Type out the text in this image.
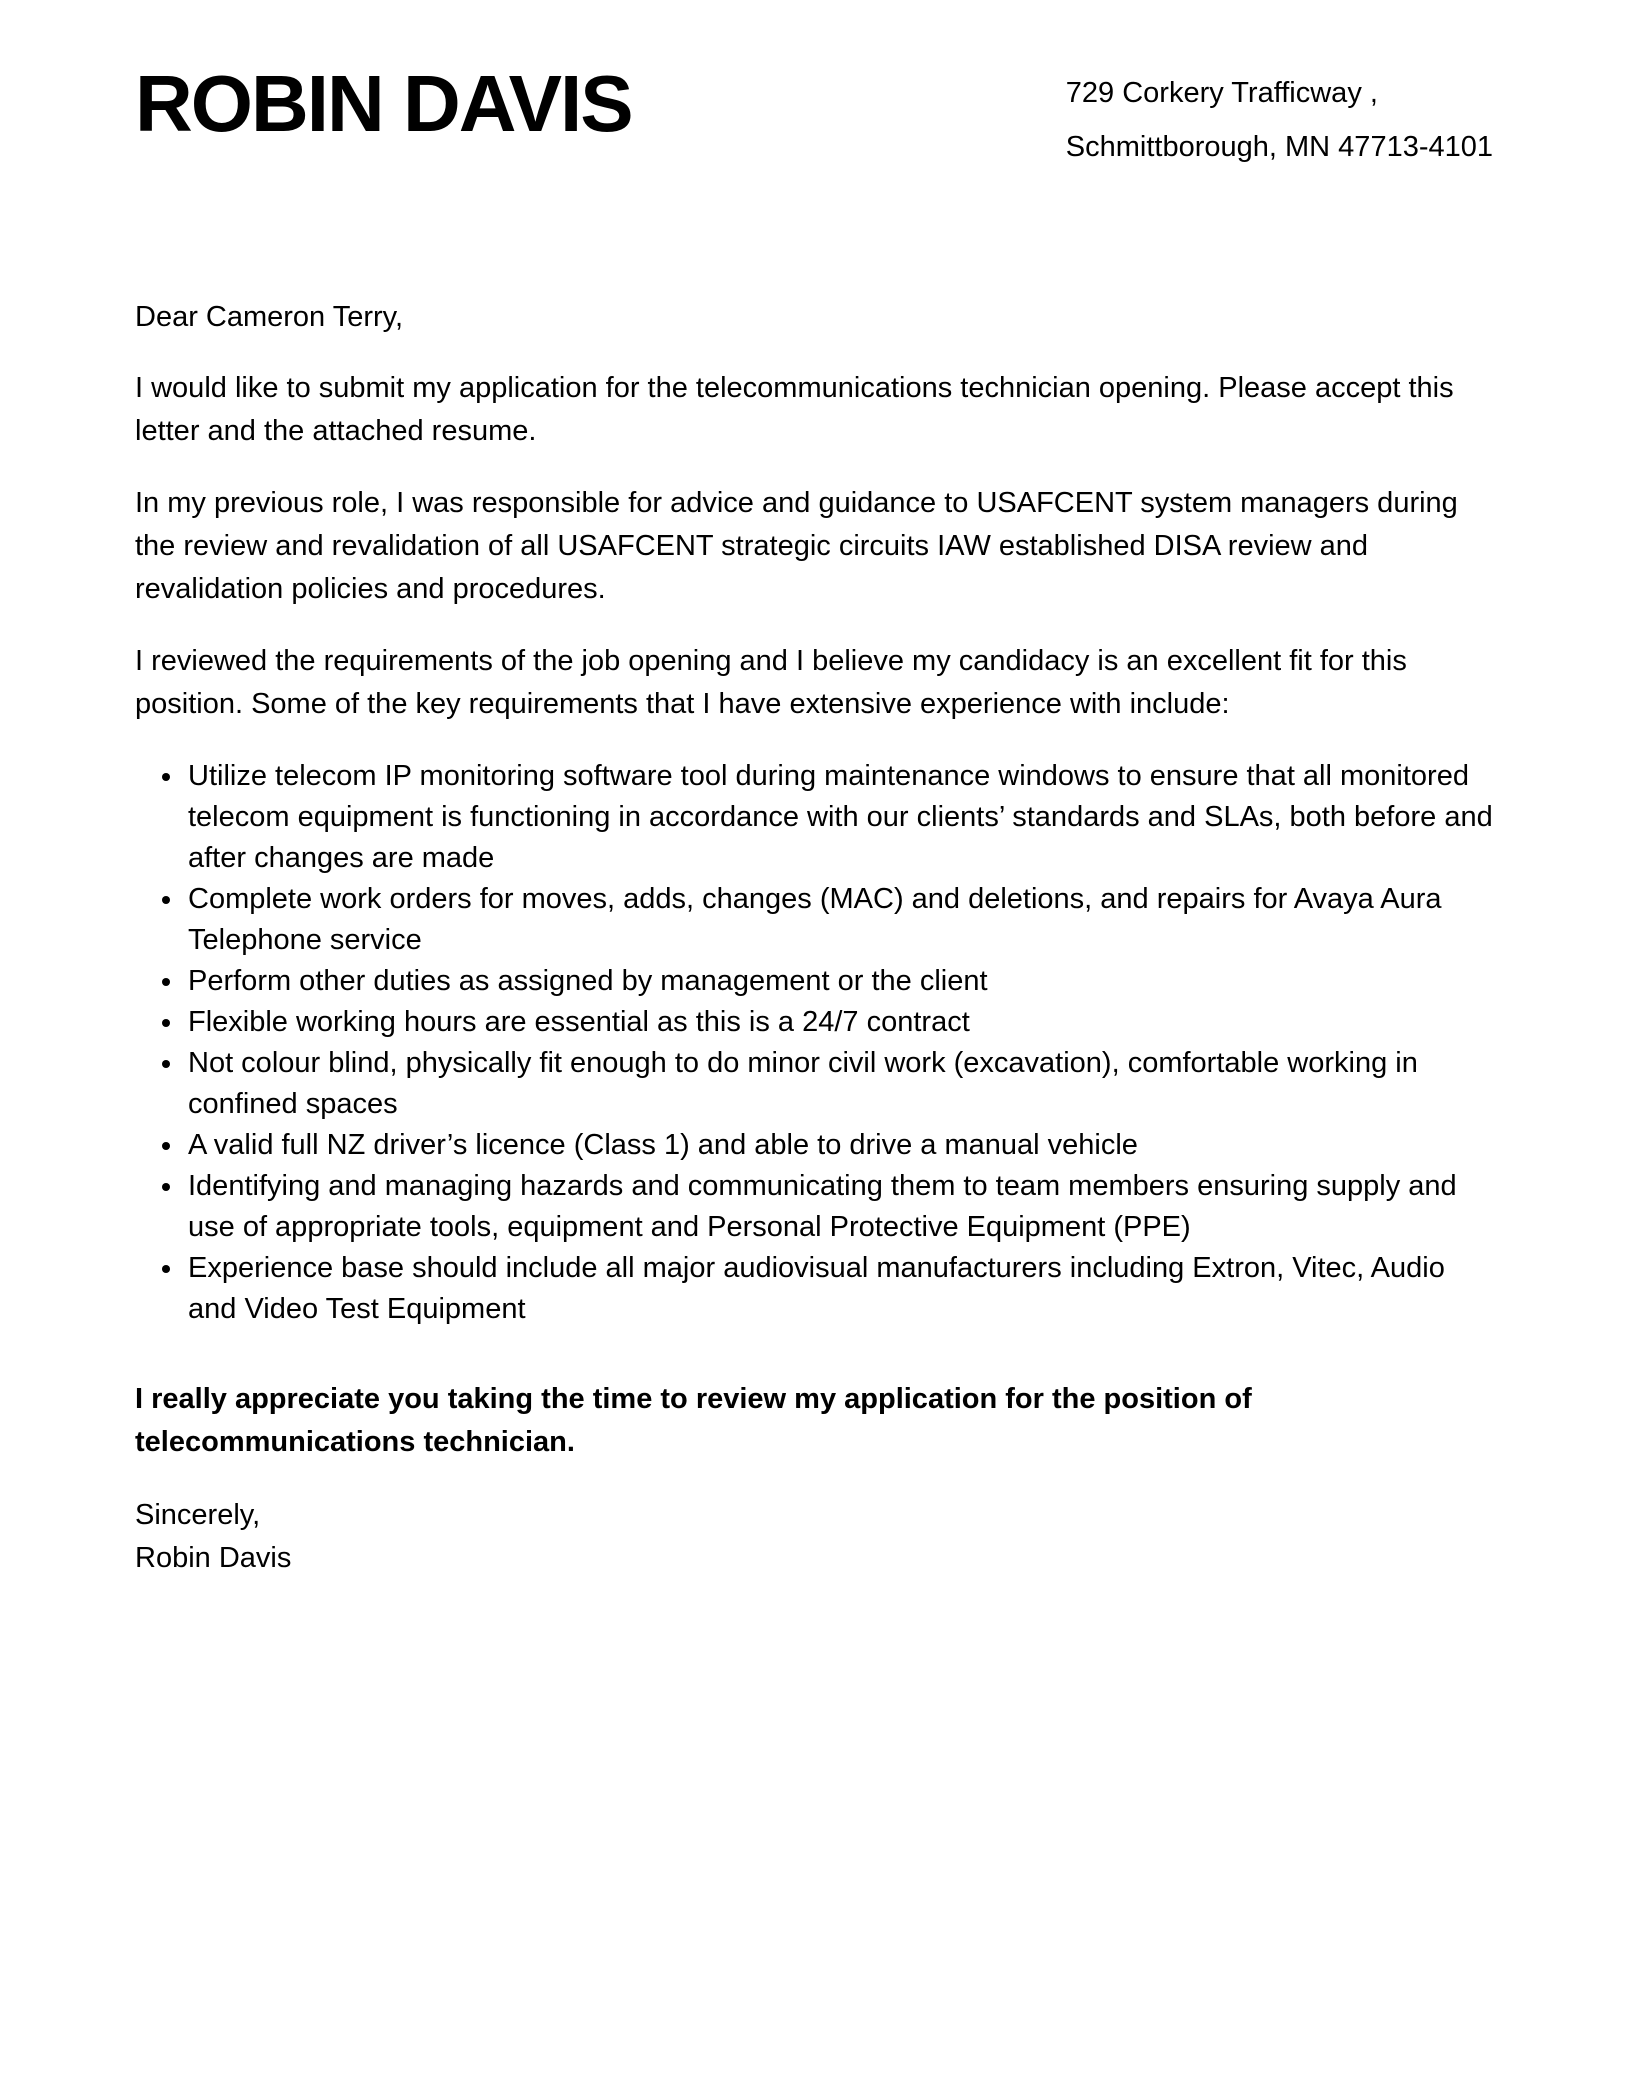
ROBIN DAVIS	729 Corkery Trafficway ,
Schmittborough, MN 47713-4101
Dear Cameron Terry,

I would like to submit my application for the telecommunications technician opening. Please accept this letter and the attached resume.

In my previous role, I was responsible for advice and guidance to USAFCENT system managers during the review and revalidation of all USAFCENT strategic circuits IAW established DISA review and revalidation policies and procedures.

I reviewed the requirements of the job opening and I believe my candidacy is an excellent fit for this position. Some of the key requirements that I have extensive experience with include:

• Utilize telecom IP monitoring software tool during maintenance windows to ensure that all monitored telecom equipment is functioning in accordance with our clients’ standards and SLAs, both before and after changes are made
• Complete work orders for moves, adds, changes (MAC) and deletions, and repairs for Avaya Aura Telephone service
• Perform other duties as assigned by management or the client
• Flexible working hours are essential as this is a 24/7 contract
• Not colour blind, physically fit enough to do minor civil work (excavation), comfortable working in confined spaces
• A valid full NZ driver’s licence (Class 1) and able to drive a manual vehicle
• Identifying and managing hazards and communicating them to team members ensuring supply and use of appropriate tools, equipment and Personal Protective Equipment (PPE)
• Experience base should include all major audiovisual manufacturers including Extron, Vitec, Audio and Video Test Equipment

I really appreciate you taking the time to review my application for the position of telecommunications technician.

Sincerely,
Robin Davis
